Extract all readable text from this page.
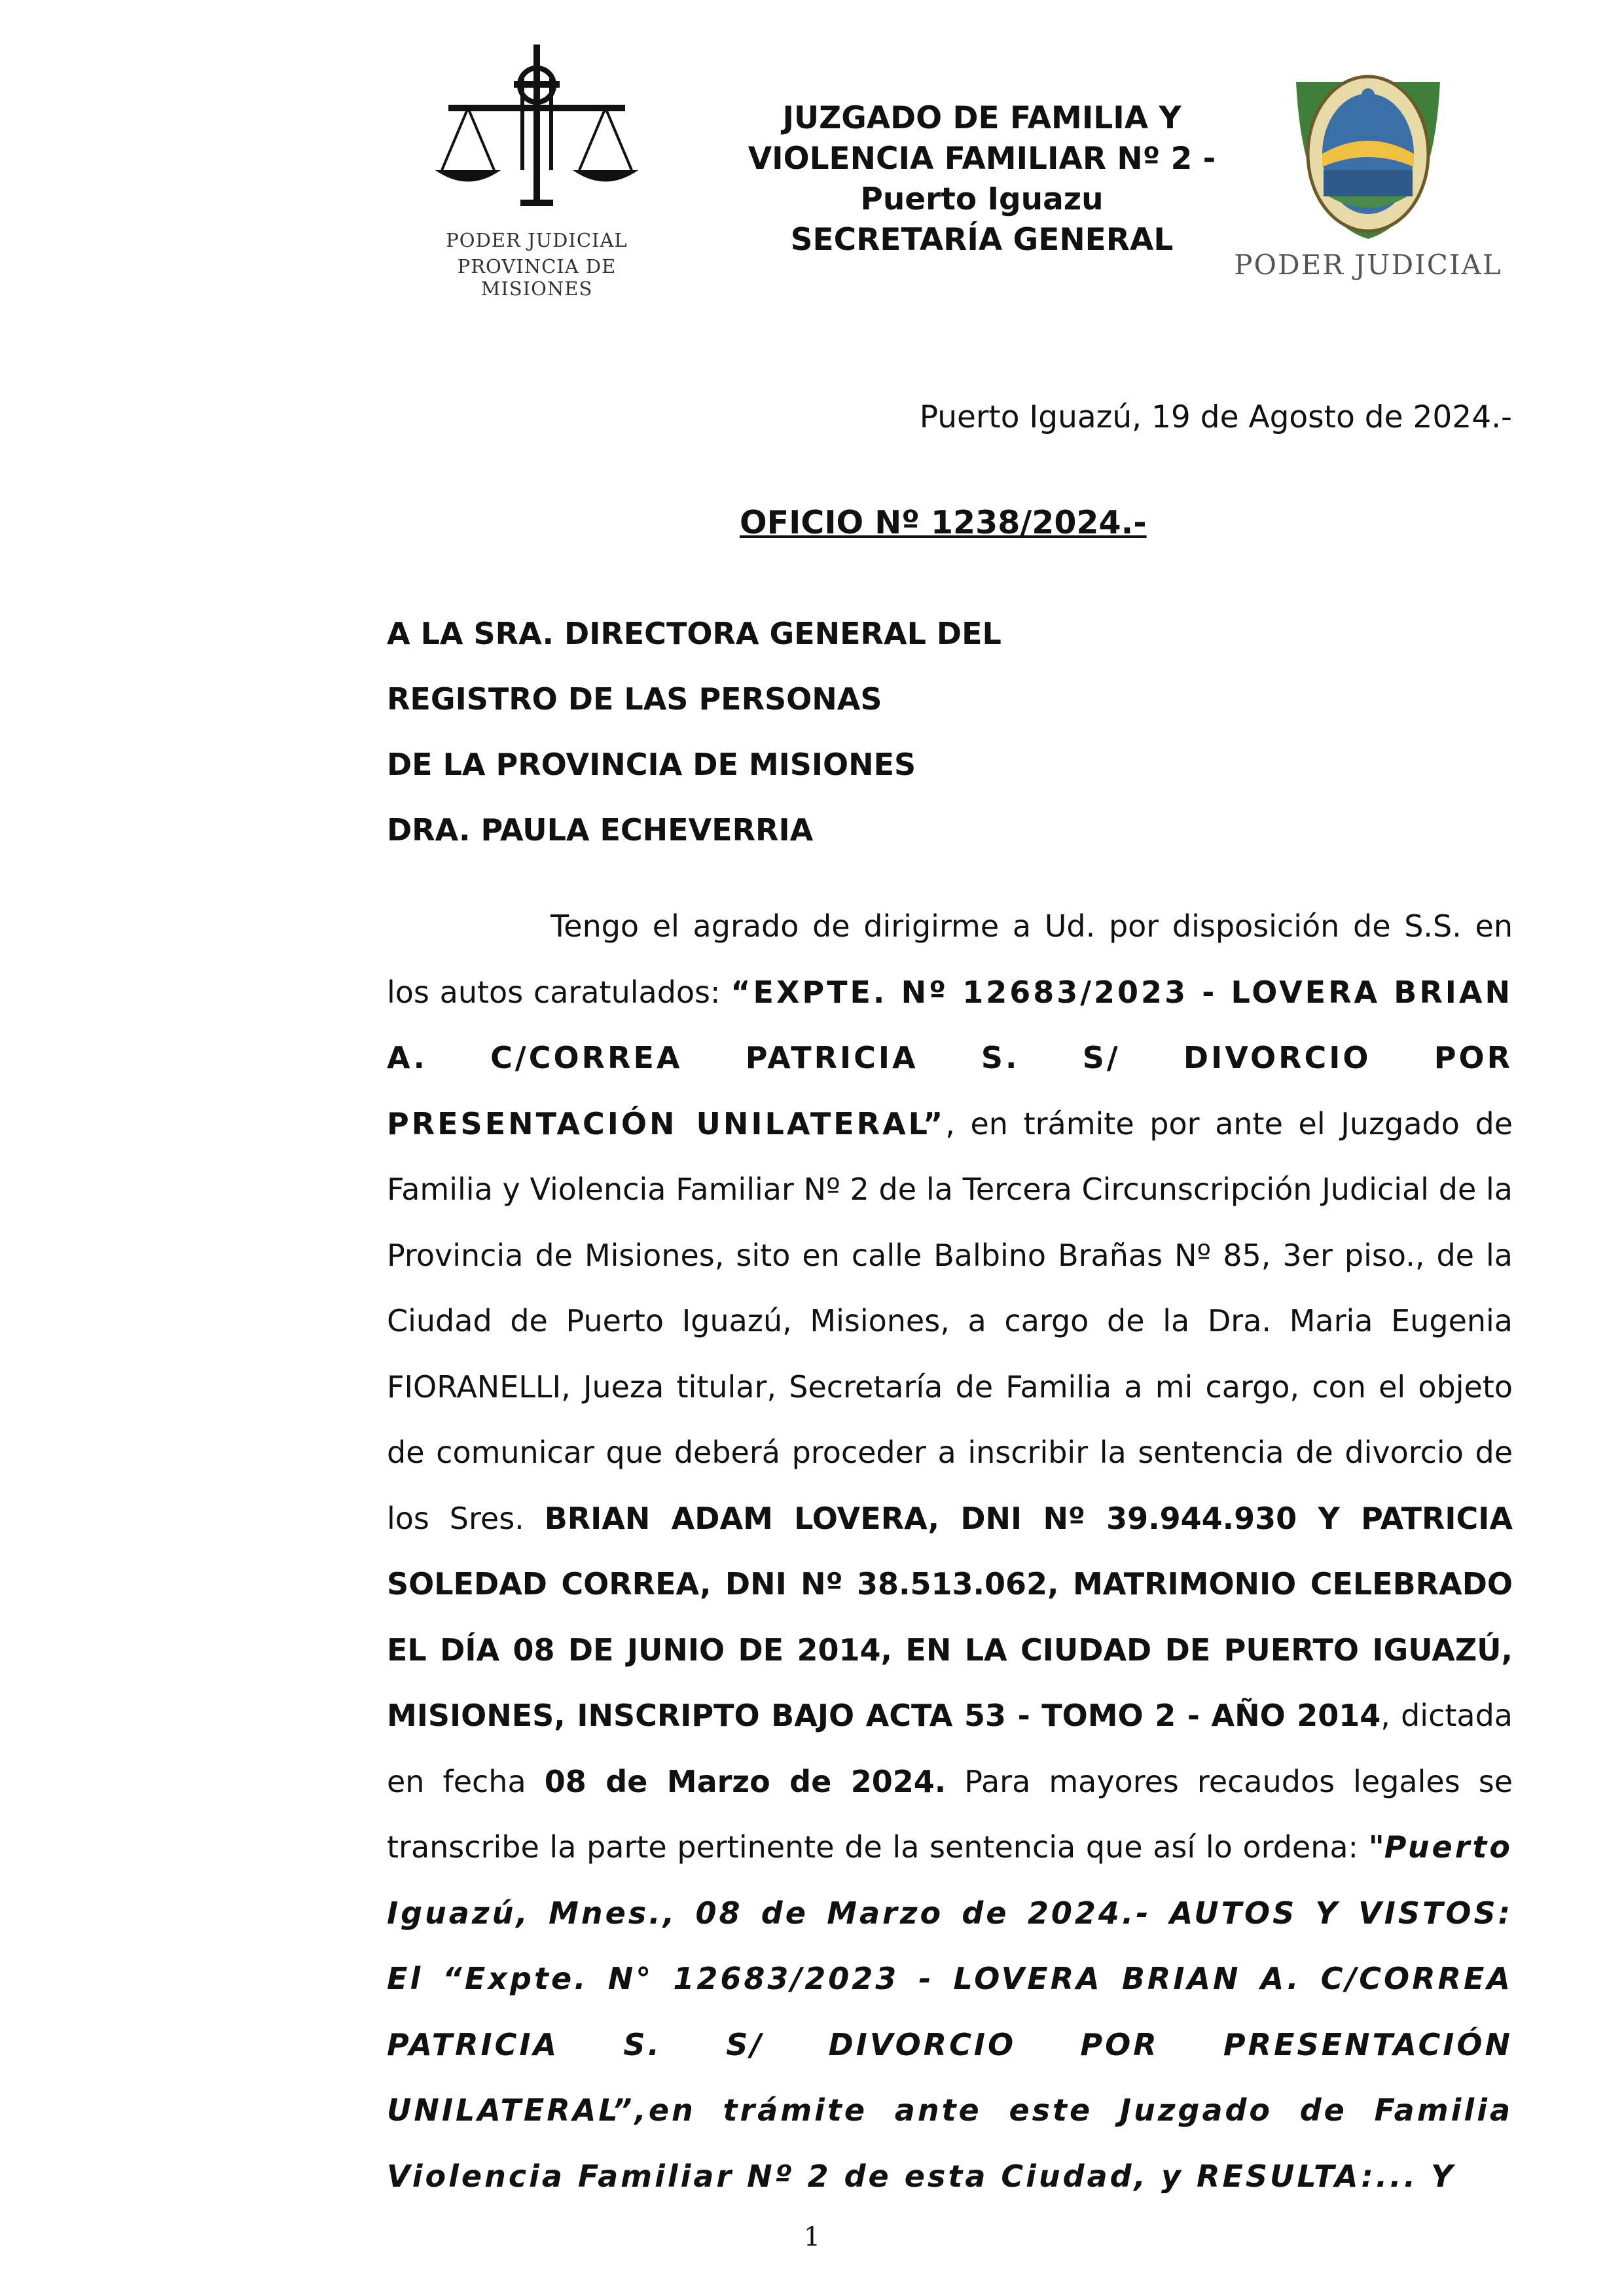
PODER JUDICIAL
PROVINCIA DE MISIONES
JUZGADO DE FAMILIA Y
VIOLENCIA FAMILIAR Nº 2 -
Puerto Iguazu
SECRETARÍA GENERAL
PODER JUDICIAL
Puerto Iguazú, 19 de Agosto de 2024.-
OFICIO Nº 1238/2024.-
A LA SRA. DIRECTORA GENERAL DEL
REGISTRO DE LAS PERSONAS
DE LA PROVINCIA DE MISIONES
DRA. PAULA ECHEVERRIA

Tengo el agrado de dirigirme a Ud. por disposición de S.S. en los autos caratulados: “EXPTE. Nº 12683/2023 - LOVERA BRIAN A. C/CORREA PATRICIA S. S/ DIVORCIO POR PRESENTACIÓN UNILATERAL”, en trámite por ante el Juzgado de Familia y Violencia Familiar Nº 2 de la Tercera Circunscripción Judicial de la Provincia de Misiones, sito en calle Balbino Brañas Nº 85, 3er piso., de la Ciudad de Puerto Iguazú, Misiones, a cargo de la Dra. Maria Eugenia FIORANELLI, Jueza titular, Secretaría de Familia a mi cargo, con el objeto de comunicar que deberá proceder a inscribir la sentencia de divorcio de los Sres. BRIAN ADAM LOVERA, DNI Nº 39.944.930 Y PATRICIA SOLEDAD CORREA, DNI Nº 38.513.062, MATRIMONIO CELEBRADO EL DÍA 08 DE JUNIO DE 2014, EN LA CIUDAD DE PUERTO IGUAZÚ, MISIONES, INSCRIPTO BAJO ACTA 53 - TOMO 2 - AÑO 2014, dictada en fecha 08 de Marzo de 2024. Para mayores recaudos legales se transcribe la parte pertinente de la sentencia que así lo ordena: "Puerto Iguazú, Mnes., 08 de Marzo de 2024.- AUTOS Y VISTOS: El “Expte. N° 12683/2023 - LOVERA BRIAN A. C/CORREA PATRICIA S. S/ DIVORCIO POR PRESENTACIÓN UNILATERAL”,en trámite ante este Juzgado de Familia Violencia Familiar Nº 2 de esta Ciudad, y RESULTA:... Y

1
